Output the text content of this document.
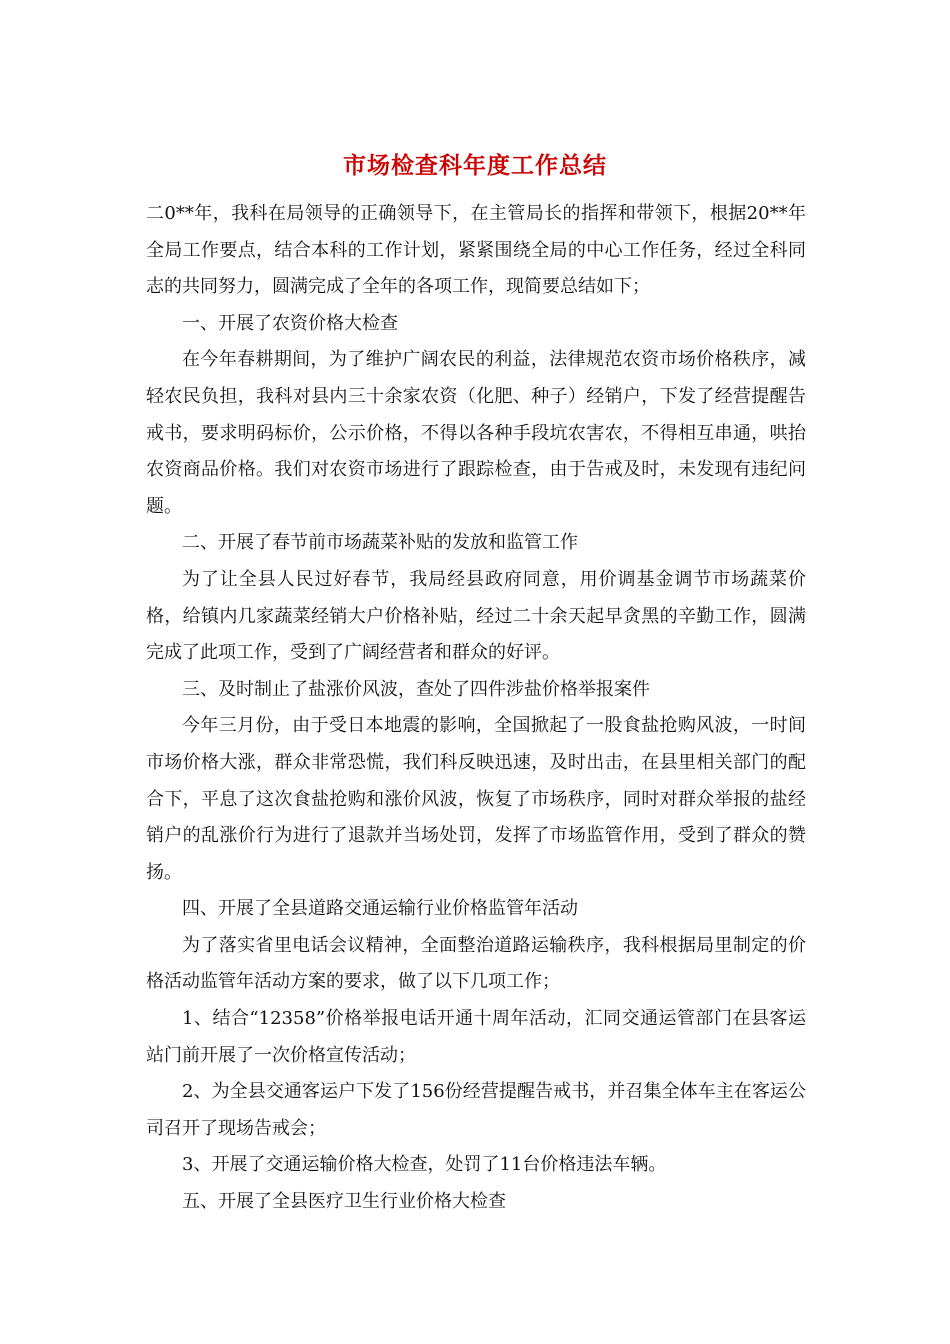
市场检查科年度工作总结

二0**年，我科在局领导的正确领导下，在主管局长的指挥和带领下，根据20**年全局工作要点，结合本科的工作计划，紧紧围绕全局的中心工作任务，经过全科同志的共同努力，圆满完成了全年的各项工作，现简要总结如下；

一、开展了农资价格大检查

在今年春耕期间，为了维护广阔农民的利益，法律规范农资市场价格秩序，减轻农民负担，我科对县内三十余家农资（化肥、种子）经销户，下发了经营提醒告戒书，要求明码标价，公示价格，不得以各种手段坑农害农，不得相互串通，哄抬农资商品价格。我们对农资市场进行了跟踪检查，由于告戒及时，未发现有违纪问题。

二、开展了春节前市场蔬菜补贴的发放和监管工作

为了让全县人民过好春节，我局经县政府同意，用价调基金调节市场蔬菜价格，给镇内几家蔬菜经销大户价格补贴，经过二十余天起早贪黑的辛勤工作，圆满完成了此项工作，受到了广阔经营者和群众的好评。

三、及时制止了盐涨价风波，查处了四件涉盐价格举报案件

今年三月份，由于受日本地震的影响，全国掀起了一股食盐抢购风波，一时间市场价格大涨，群众非常恐慌，我们科反映迅速，及时出击，在县里相关部门的配合下，平息了这次食盐抢购和涨价风波，恢复了市场秩序，同时对群众举报的盐经销户的乱涨价行为进行了退款并当场处罚，发挥了市场监管作用，受到了群众的赞扬。

四、开展了全县道路交通运输行业价格监管年活动

为了落实省里电话会议精神，全面整治道路运输秩序，我科根据局里制定的价格活动监管年活动方案的要求，做了以下几项工作；

1、结合“12358”价格举报电话开通十周年活动，汇同交通运管部门在县客运站门前开展了一次价格宣传活动；

2、为全县交通客运户下发了156份经营提醒告戒书，并召集全体车主在客运公司召开了现场告戒会；

3、开展了交通运输价格大检查，处罚了11台价格违法车辆。

五、开展了全县医疗卫生行业价格大检查
